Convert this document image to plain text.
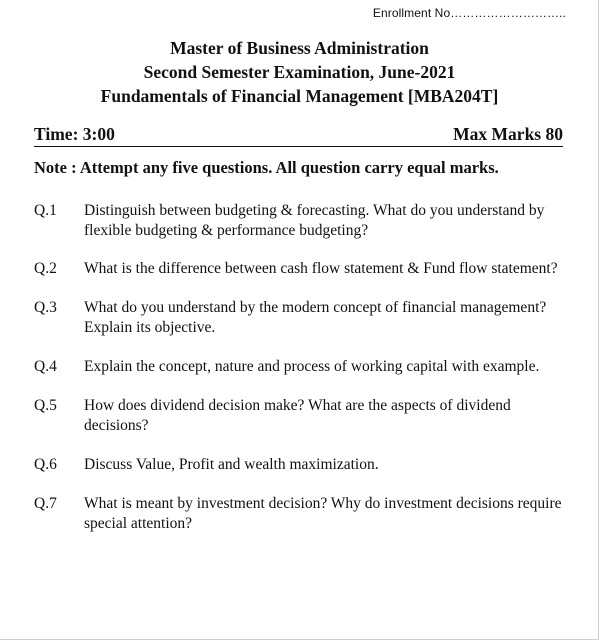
Enrollment No………………………..
Master of Business Administration
Second Semester Examination, June-2021
Fundamentals of Financial Management [MBA204T]
Time: 3:00	Max Marks 80
Note : Attempt any five questions. All question carry equal marks.
Q.1	Distinguish between budgeting & forecasting. What do you understand by flexible budgeting & performance budgeting?
Q.2	What is the difference between cash flow statement & Fund flow statement?
Q.3	What do you understand by the modern concept of financial management? Explain its objective.
Q.4	Explain the concept, nature and process of working capital with example.
Q.5	How does dividend decision make? What are the aspects of dividend decisions?
Q.6	Discuss Value, Profit and wealth maximization.
Q.7	What is meant by investment decision? Why do investment decisions require special attention?
